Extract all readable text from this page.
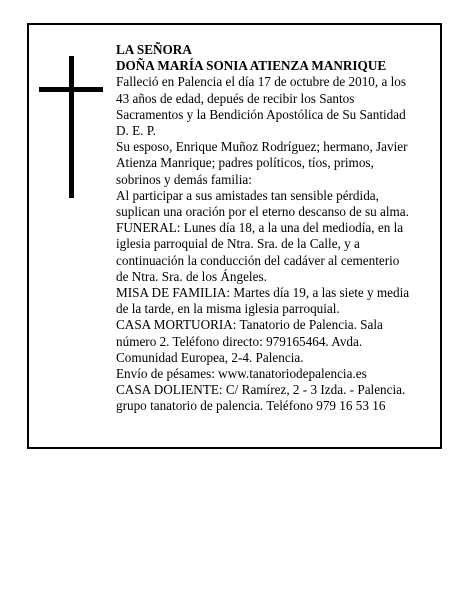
LA SEÑORA
DOÑA MARÍA SONIA ATIENZA MANRIQUE
Falleció en Palencia el día 17 de octubre de 2010, a los
43 años de edad, depués de recibir los Santos
Sacramentos y la Bendición Apostólica de Su Santidad
D. E. P.
Su esposo, Enrique Muñoz Rodríguez; hermano, Javier
Atienza Manrique; padres políticos, tíos, primos,
sobrinos y demás familia:
Al participar a sus amistades tan sensible pérdida,
suplican una oración por el eterno descanso de su alma.
FUNERAL: Lunes día 18, a la una del mediodía, en la
iglesia parroquial de Ntra. Sra. de la Calle, y a
continuación la conducción del cadáver al cementerio
de Ntra. Sra. de los Ángeles.
MISA DE FAMILIA: Martes día 19, a las siete y media
de la tarde, en la misma iglesia parroquial.
CASA MORTUORIA: Tanatorio de Palencia. Sala
número 2. Teléfono directo: 979165464. Avda.
Comunidad Europea, 2-4. Palencia.
Envío de pésames: www.tanatoriodepalencia.es
CASA DOLIENTE: C/ Ramírez, 2 - 3 Izda. - Palencia.
grupo tanatorio de palencia. Teléfono 979 16 53 16
